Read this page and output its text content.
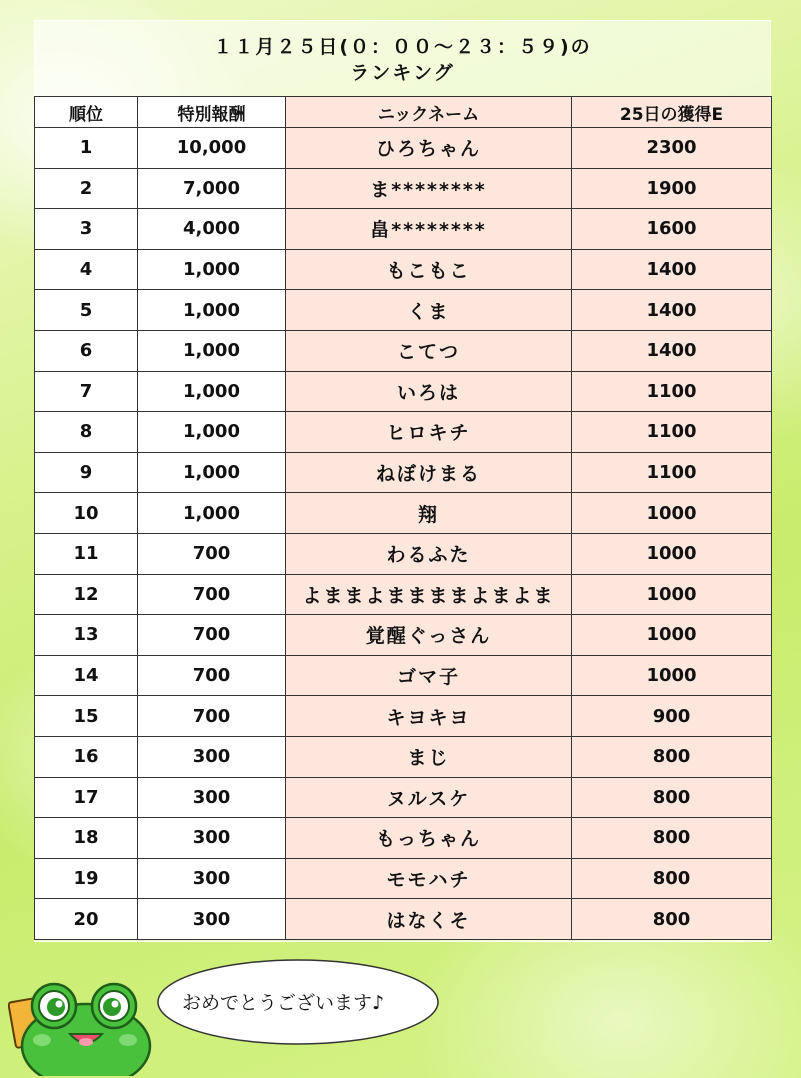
１１月２５日(０：００〜２３：５９)の
ランキング
順位	特別報酬	ニックネーム	25日の獲得E
1	10,000	ひろちゃん	2300
2	7,000	ま********	1900
3	4,000	畠********	1600
4	1,000	もこもこ	1400
5	1,000	くま	1400
6	1,000	こてつ	1400
7	1,000	いろは	1100
8	1,000	ヒロキチ	1100
9	1,000	ねぼけまる	1100
10	1,000	翔	1000
11	700	わるふた	1000
12	700	よままよままままよまよま	1000
13	700	覚醒ぐっさん	1000
14	700	ゴマ子	1000
15	700	キヨキヨ	900
16	300	まじ	800
17	300	ヌルスケ	800
18	300	もっちゃん	800
19	300	モモハチ	800
20	300	はなくそ	800
おめでとうございます♪
